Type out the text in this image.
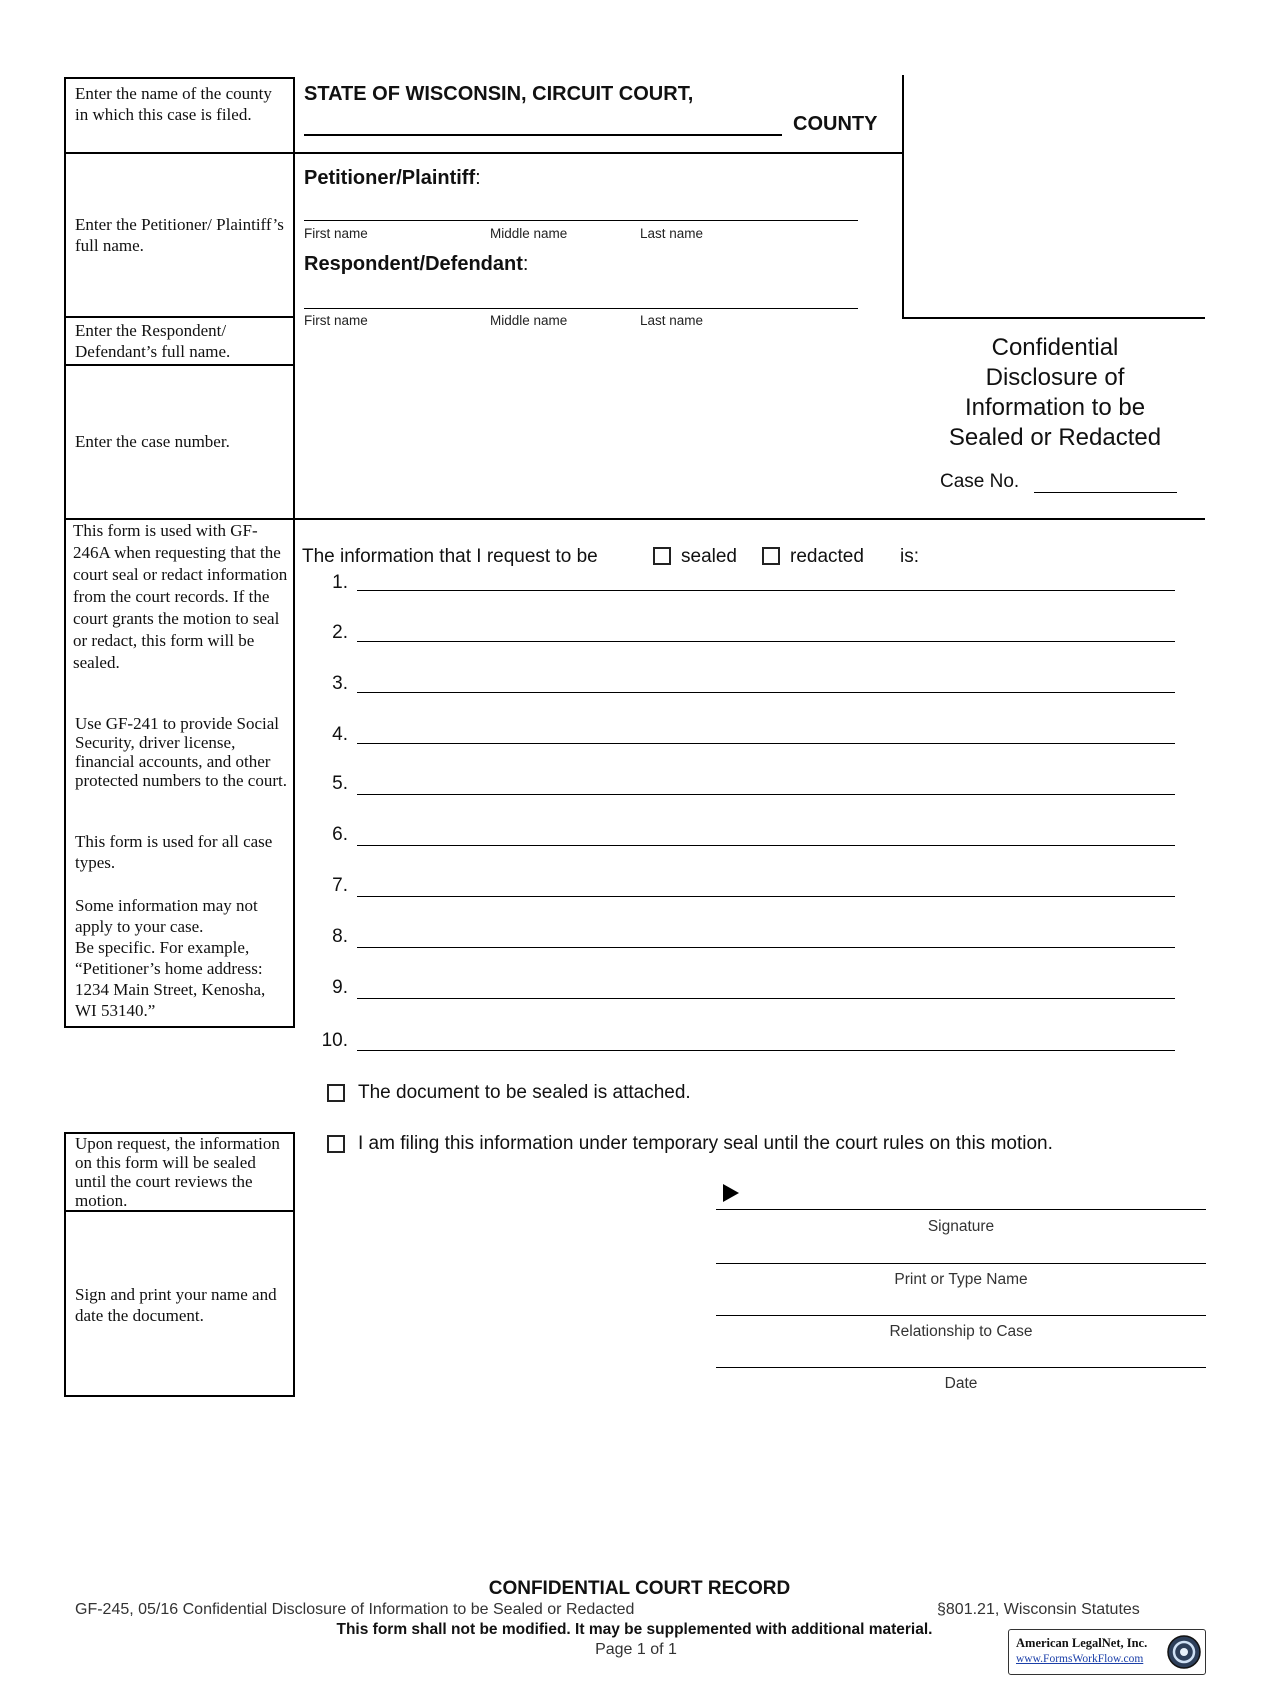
Enter the name of the county in which this case is filed.
Enter the Petitioner/ Plaintiff’s full name.
Enter the Respondent/ Defendant’s full name.
Enter the case number.
This form is used with GF-246A when requesting that the court seal or redact information from the court records. If the court grants the motion to seal or redact, this form will be sealed.
Use GF-241 to provide Social Security, driver license, financial accounts, and other protected numbers to the court.
This form is used for all case types.
Some information may not apply to your case.
Be specific. For example, “Petitioner’s home address: 1234 Main Street, Kenosha, WI 53140.”
Upon request, the information on this form will be sealed until the court reviews the motion.
Sign and print your name and date the document.
STATE OF WISCONSIN, CIRCUIT COURT,
COUNTY
Petitioner/Plaintiff:
First name	Middle name	Last name
Respondent/Defendant:
First name	Middle name	Last name
Confidential
Disclosure of
Information to be
Sealed or Redacted
Case No.
The information that I request to be	sealed	redacted is:
1.
2.
3.
4.
5.
6.
7.
8.
9.
10.
The document to be sealed is attached.
I am filing this information under temporary seal until the court rules on this motion.
Signature
Print or Type Name
Relationship to Case
Date
CONFIDENTIAL COURT RECORD
GF-245, 05/16 Confidential Disclosure of Information to be Sealed or Redacted	§801.21, Wisconsin Statutes
This form shall not be modified. It may be supplemented with additional material.
Page 1 of 1	American LegalNet, Inc.
www.FormsWorkFlow.com
